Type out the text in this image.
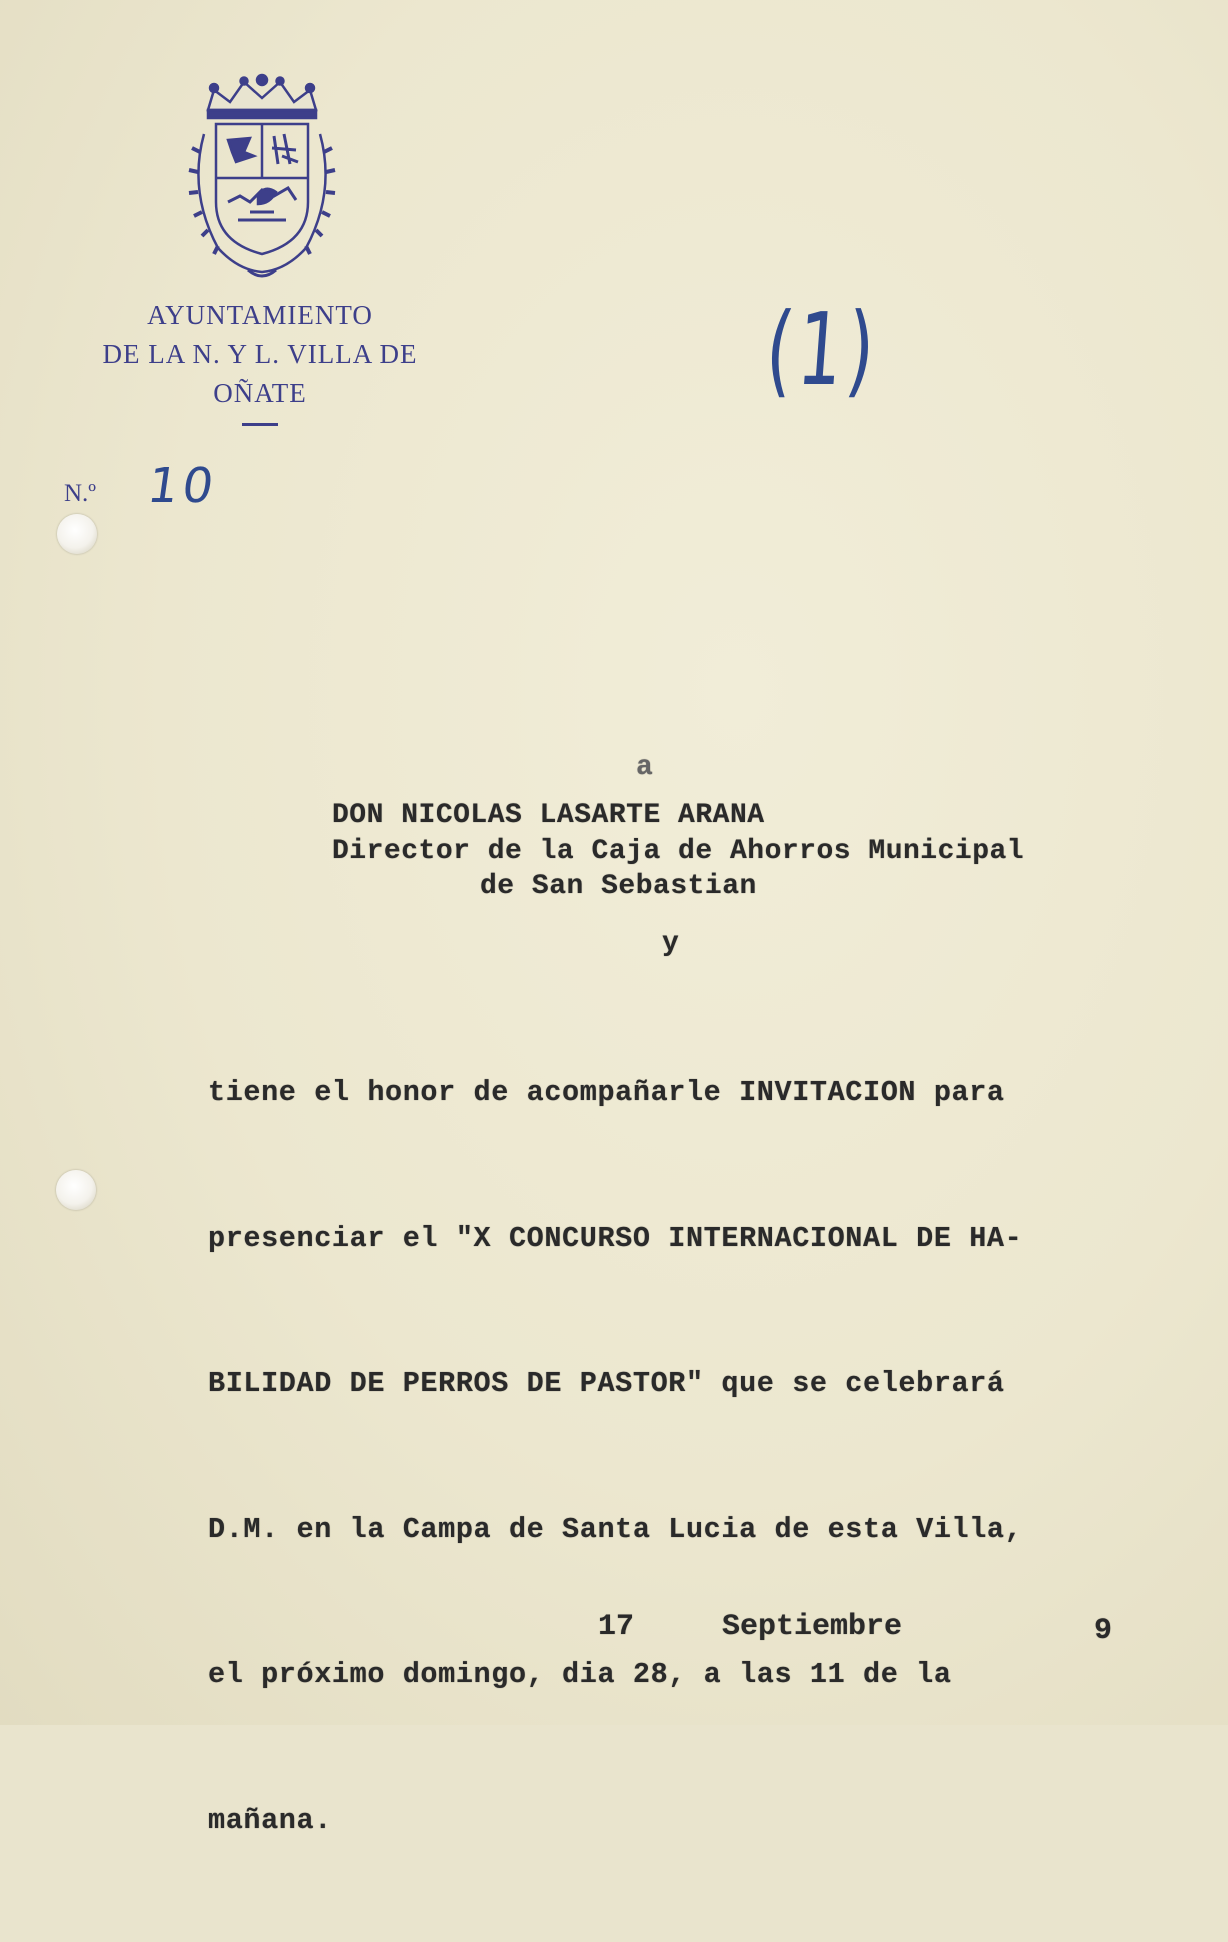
AYUNTAMIENTO
DE LA N. Y L. VILLA DE
OÑATE
N.º 10
(1)
a
DON NICOLAS LASARTE ARANA
Director de la Caja de Ahorros Municipal
de San Sebastian
y

tiene el honor de acompañarle INVITACION para

presenciar el "X CONCURSO INTERNACIONAL DE HA-

BILIDAD DE PERROS DE PASTOR" que se celebrará

D.M. en la Campa de Santa Lucia de esta Villa,

el próximo domingo, dia 28, a las 11 de la

mañana.

17	Septiembre	9
